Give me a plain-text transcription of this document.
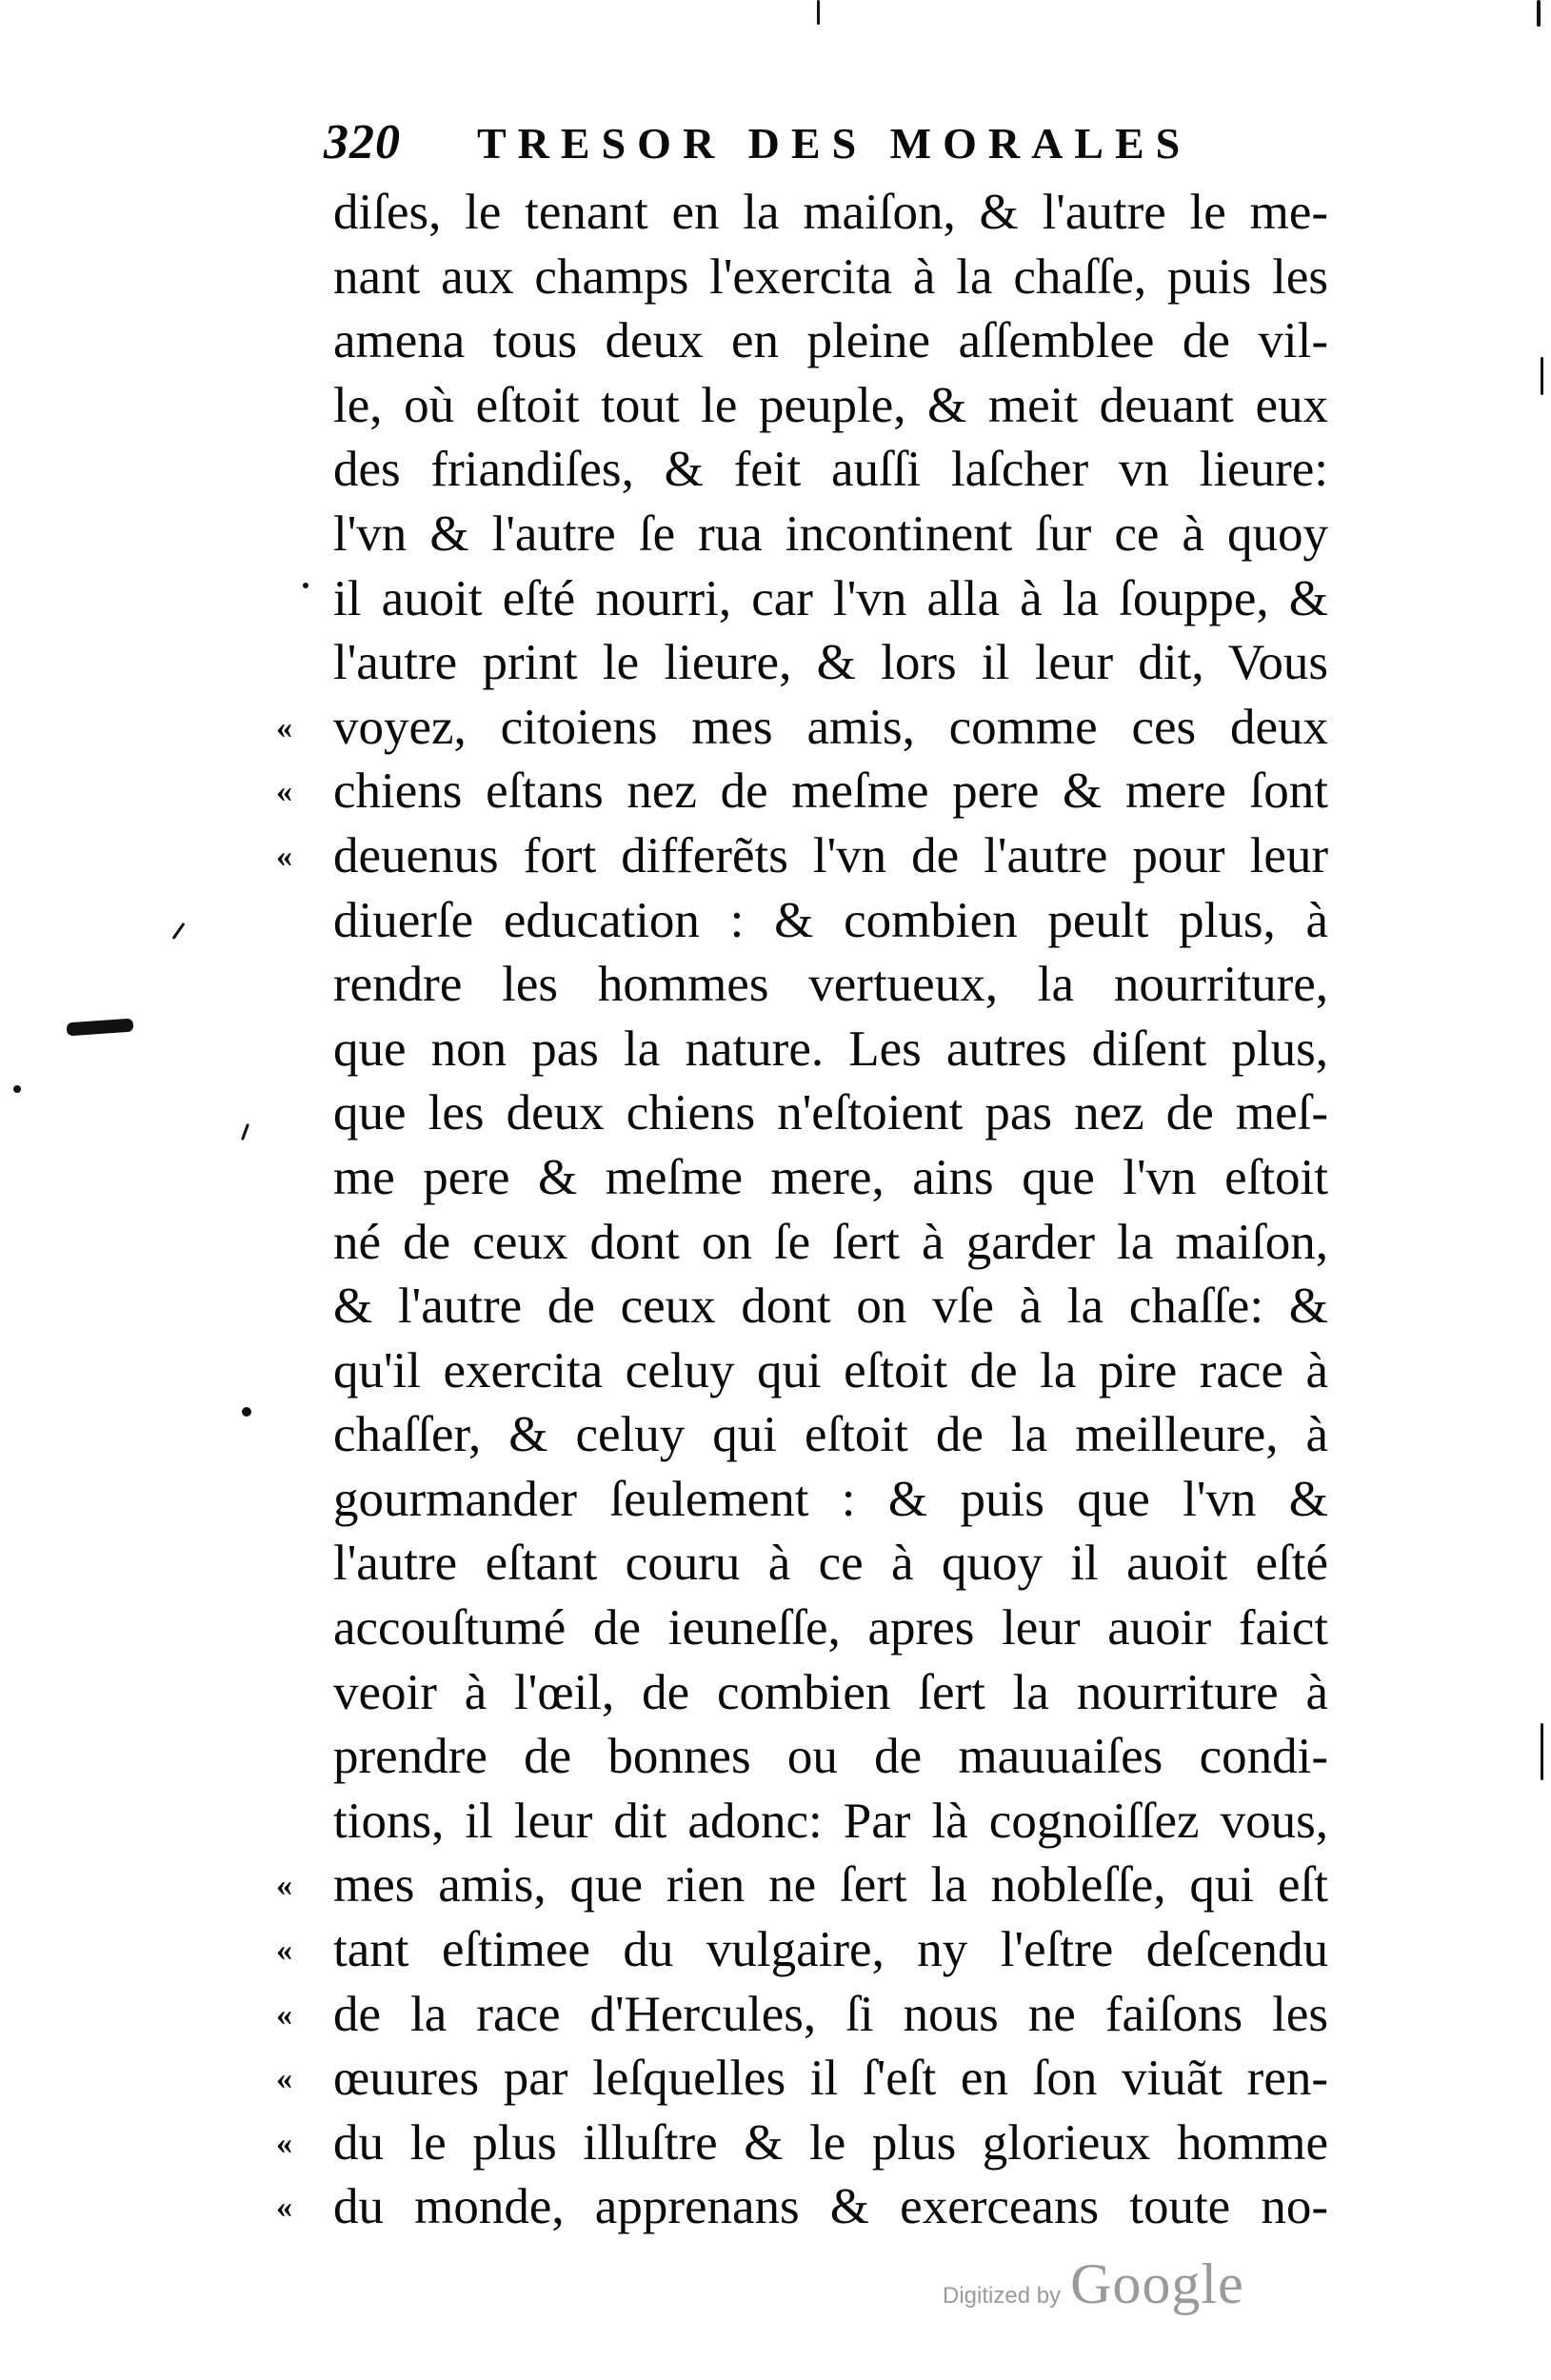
320 TRESOR DES MORALES
diſes, le tenant en la maiſon, & l'autre le me-
nant aux champs l'exercita à la chaſſe, puis les
amena tous deux en pleine aſſemblee de vil-
le, où eſtoit tout le peuple, & meit deuant eux
des friandiſes, & feit auſſi laſcher vn lieure:
l'vn & l'autre ſe rua incontinent ſur ce à quoy
il auoit eſté nourri, car l'vn alla à la ſouppe, &
l'autre print le lieure, & lors il leur dit, Vous
« voyez, citoiens mes amis, comme ces deux
« chiens eſtans nez de meſme pere & mere ſont
« deuenus fort differẽts l'vn de l'autre pour leur
diuerſe education : & combien peult plus, à
rendre les hommes vertueux, la nourriture,
que non pas la nature. Les autres diſent plus,
que les deux chiens n'eſtoient pas nez de meſ-
me pere & meſme mere, ains que l'vn eſtoit
né de ceux dont on ſe ſert à garder la maiſon,
& l'autre de ceux dont on vſe à la chaſſe: &
qu'il exercita celuy qui eſtoit de la pire race à
chaſſer, & celuy qui eſtoit de la meilleure, à
gourmander ſeulement : & puis que l'vn &
l'autre eſtant couru à ce à quoy il auoit eſté
accouſtumé de ieuneſſe, apres leur auoir faict
veoir à l'œil, de combien ſert la nourriture à
prendre de bonnes ou de mauuaiſes condi-
tions, il leur dit adonc: Par là cognoiſſez vous,
« mes amis, que rien ne ſert la nobleſſe, qui eſt
« tant eſtimee du vulgaire, ny l'eſtre deſcendu
« de la race d'Hercules, ſi nous ne faiſons les
« œuures par leſquelles il ſ'eſt en ſon viuãt ren-
« du le plus illuſtre & le plus glorieux homme
« du monde, apprenans & exerceans toute no-
Digitized by Google
